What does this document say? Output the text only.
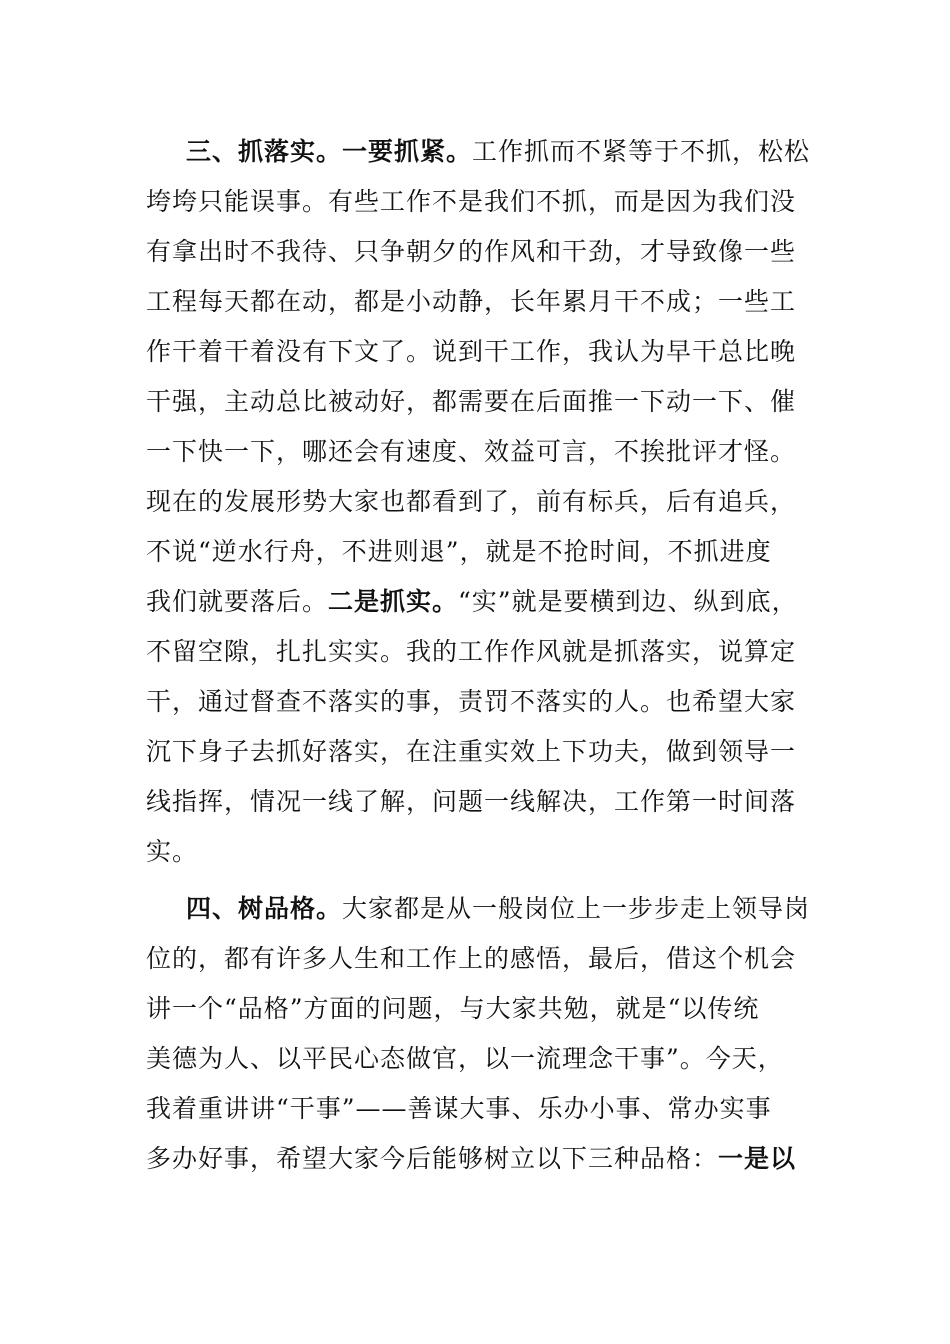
三、抓落实。一要抓紧。工作抓而不紧等于不抓，松松
垮垮只能误事。有些工作不是我们不抓，而是因为我们没
有拿出时不我待、只争朝夕的作风和干劲，才导致像一些
工程每天都在动，都是小动静，长年累月干不成；一些工
作干着干着没有下文了。说到干工作，我认为早干总比晚
干强，主动总比被动好，都需要在后面推一下动一下、催
一下快一下，哪还会有速度、效益可言，不挨批评才怪。
现在的发展形势大家也都看到了，前有标兵，后有追兵，
不说“逆水行舟，不进则退”，就是不抢时间，不抓进度
我们就要落后。二是抓实。“实”就是要横到边、纵到底，
不留空隙，扎扎实实。我的工作作风就是抓落实，说算定
干，通过督查不落实的事，责罚不落实的人。也希望大家
沉下身子去抓好落实，在注重实效上下功夫，做到领导一
线指挥，情况一线了解，问题一线解决，工作第一时间落
实。
四、树品格。大家都是从一般岗位上一步步走上领导岗
位的，都有许多人生和工作上的感悟，最后，借这个机会
讲一个“品格”方面的问题，与大家共勉，就是“以传统
美德为人、以平民心态做官，以一流理念干事”。今天，
我着重讲讲“干事”——善谋大事、乐办小事、常办实事
多办好事，希望大家今后能够树立以下三种品格：一是以
